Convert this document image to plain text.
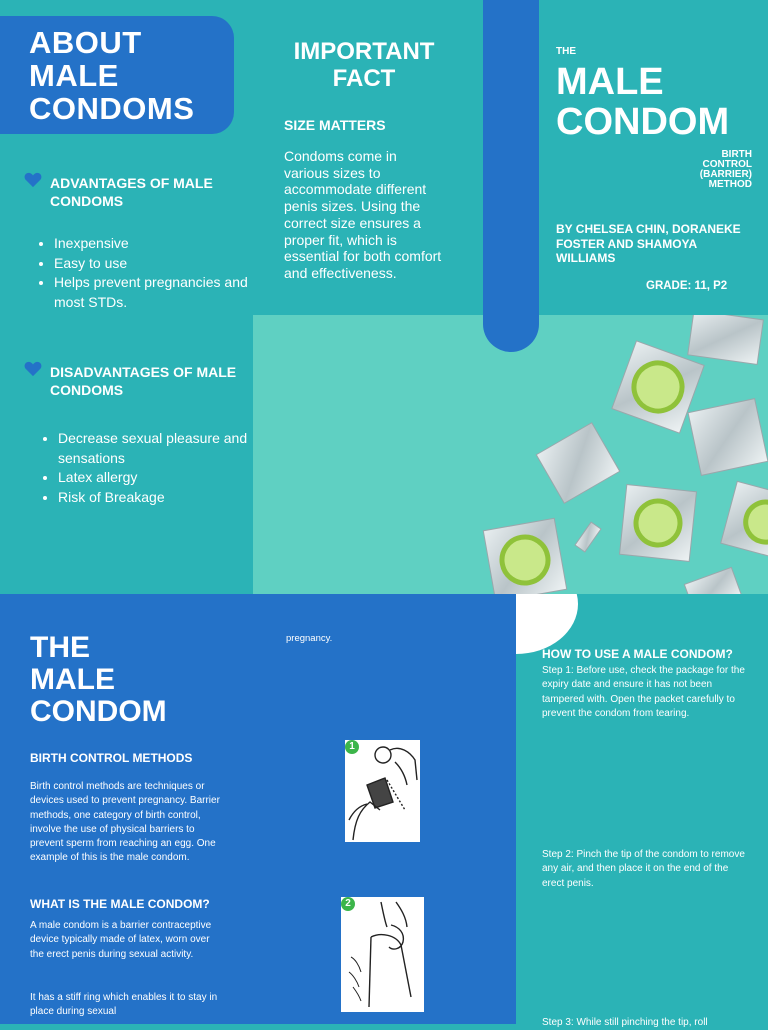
ABOUT
MALE
CONDOMS
ADVANTAGES OF MALE CONDOMS
• Inexpensive
• Easy to use
• Helps prevent pregnancies and most STDs.
DISADVANTAGES OF MALE CONDOMS
• Decrease sexual pleasure and sensations
• Latex allergy
• Risk of Breakage
IMPORTANT
FACT
SIZE MATTERS
Condoms come in various sizes to accommodate different penis sizes. Using the correct size ensures a proper fit, which is essential for both comfort and effectiveness.
THE
MALE
CONDOM
BIRTH
CONTROL
(BARRIER)
METHOD
BY CHELSEA CHIN, DORANEKE FOSTER AND SHAMOYA WILLIAMS
GRADE: 11, P2
THE
MALE
CONDOM
pregnancy.
BIRTH CONTROL METHODS
Birth control methods are techniques or devices used to prevent pregnancy. Barrier methods, one category of birth control, involve the use of physical barriers to prevent sperm from reaching an egg. One example of this is the male condom.
WHAT IS THE MALE CONDOM?
A male condom is a barrier contraceptive device typically made of latex, worn over the erect penis during sexual activity.
It has a stiff ring which enables it to stay in place during sexual
1
2
HOW TO USE A MALE CONDOM?
Step 1: Before use, check the package for the expiry date and ensure it has not been tampered with. Open the packet carefully to prevent the condom from tearing.
Step 2: Pinch the tip of the condom to remove any air, and then place it on the end of the erect penis.
Step 3: While still pinching the tip, roll
